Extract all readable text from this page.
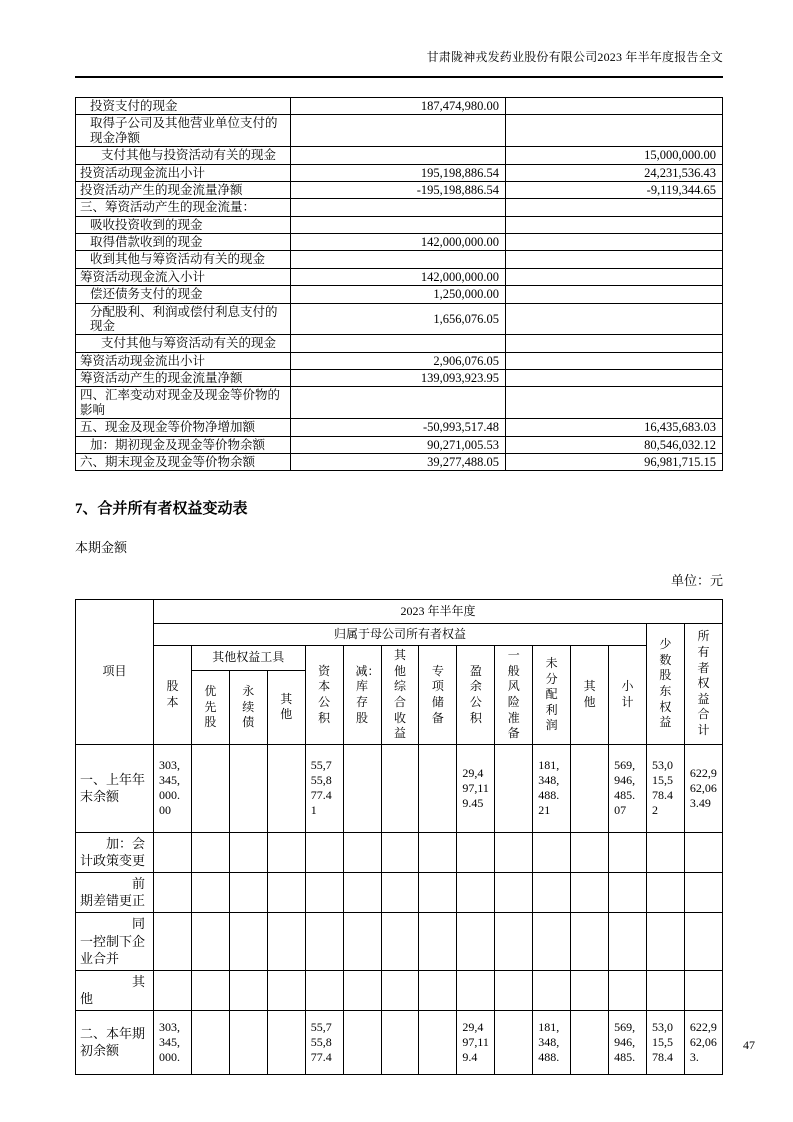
甘肃陇神戎发药业股份有限公司2023 年半年度报告全文
投资支付的现金	187,474,980.00	
取得子公司及其他营业单位支付的现金净额		
支付其他与投资活动有关的现金		15,000,000.00
投资活动现金流出小计	195,198,886.54	24,231,536.43
投资活动产生的现金流量净额	-195,198,886.54	-9,119,344.65
三、筹资活动产生的现金流量：		
吸收投资收到的现金		
取得借款收到的现金	142,000,000.00	
收到其他与筹资活动有关的现金		
筹资活动现金流入小计	142,000,000.00	
偿还债务支付的现金	1,250,000.00	
分配股利、利润或偿付利息支付的现金	1,656,076.05	
支付其他与筹资活动有关的现金		
筹资活动现金流出小计	2,906,076.05	
筹资活动产生的现金流量净额	139,093,923.95	
四、汇率变动对现金及现金等价物的影响		
五、现金及现金等价物净增加额	-50,993,517.48	16,435,683.03
加：期初现金及现金等价物余额	90,271,005.53	80,546,032.12
六、期末现金及现金等价物余额	39,277,488.05	96,981,715.15
7、合并所有者权益变动表
本期金额
单位：元
项目	2023 年半年度														
	归属于母公司所有者权益													少数股东权益	所有者权益合计
	股本	其他权益工具			资本公积	减：库存股	其他综合收益	专项储备	盈余公积	一般风险准备	未分配利润	其他	小计		
		优先股	永续债	其他											
一、上年年末余额	303,345,000.00				55,755,877.41				29,497,119.45		181,348,488.21		569,946,485.07	53,015,578.42	622,962,063.49
加：会计政策变更															
前期差错更正															
同一控制下企业合并															
其他															
二、本年期初余额	303,345,000.				55,755,877.4				29,497,119.4		181,348,488.		569,946,485.	53,015,578.4	622,962,063.
47
